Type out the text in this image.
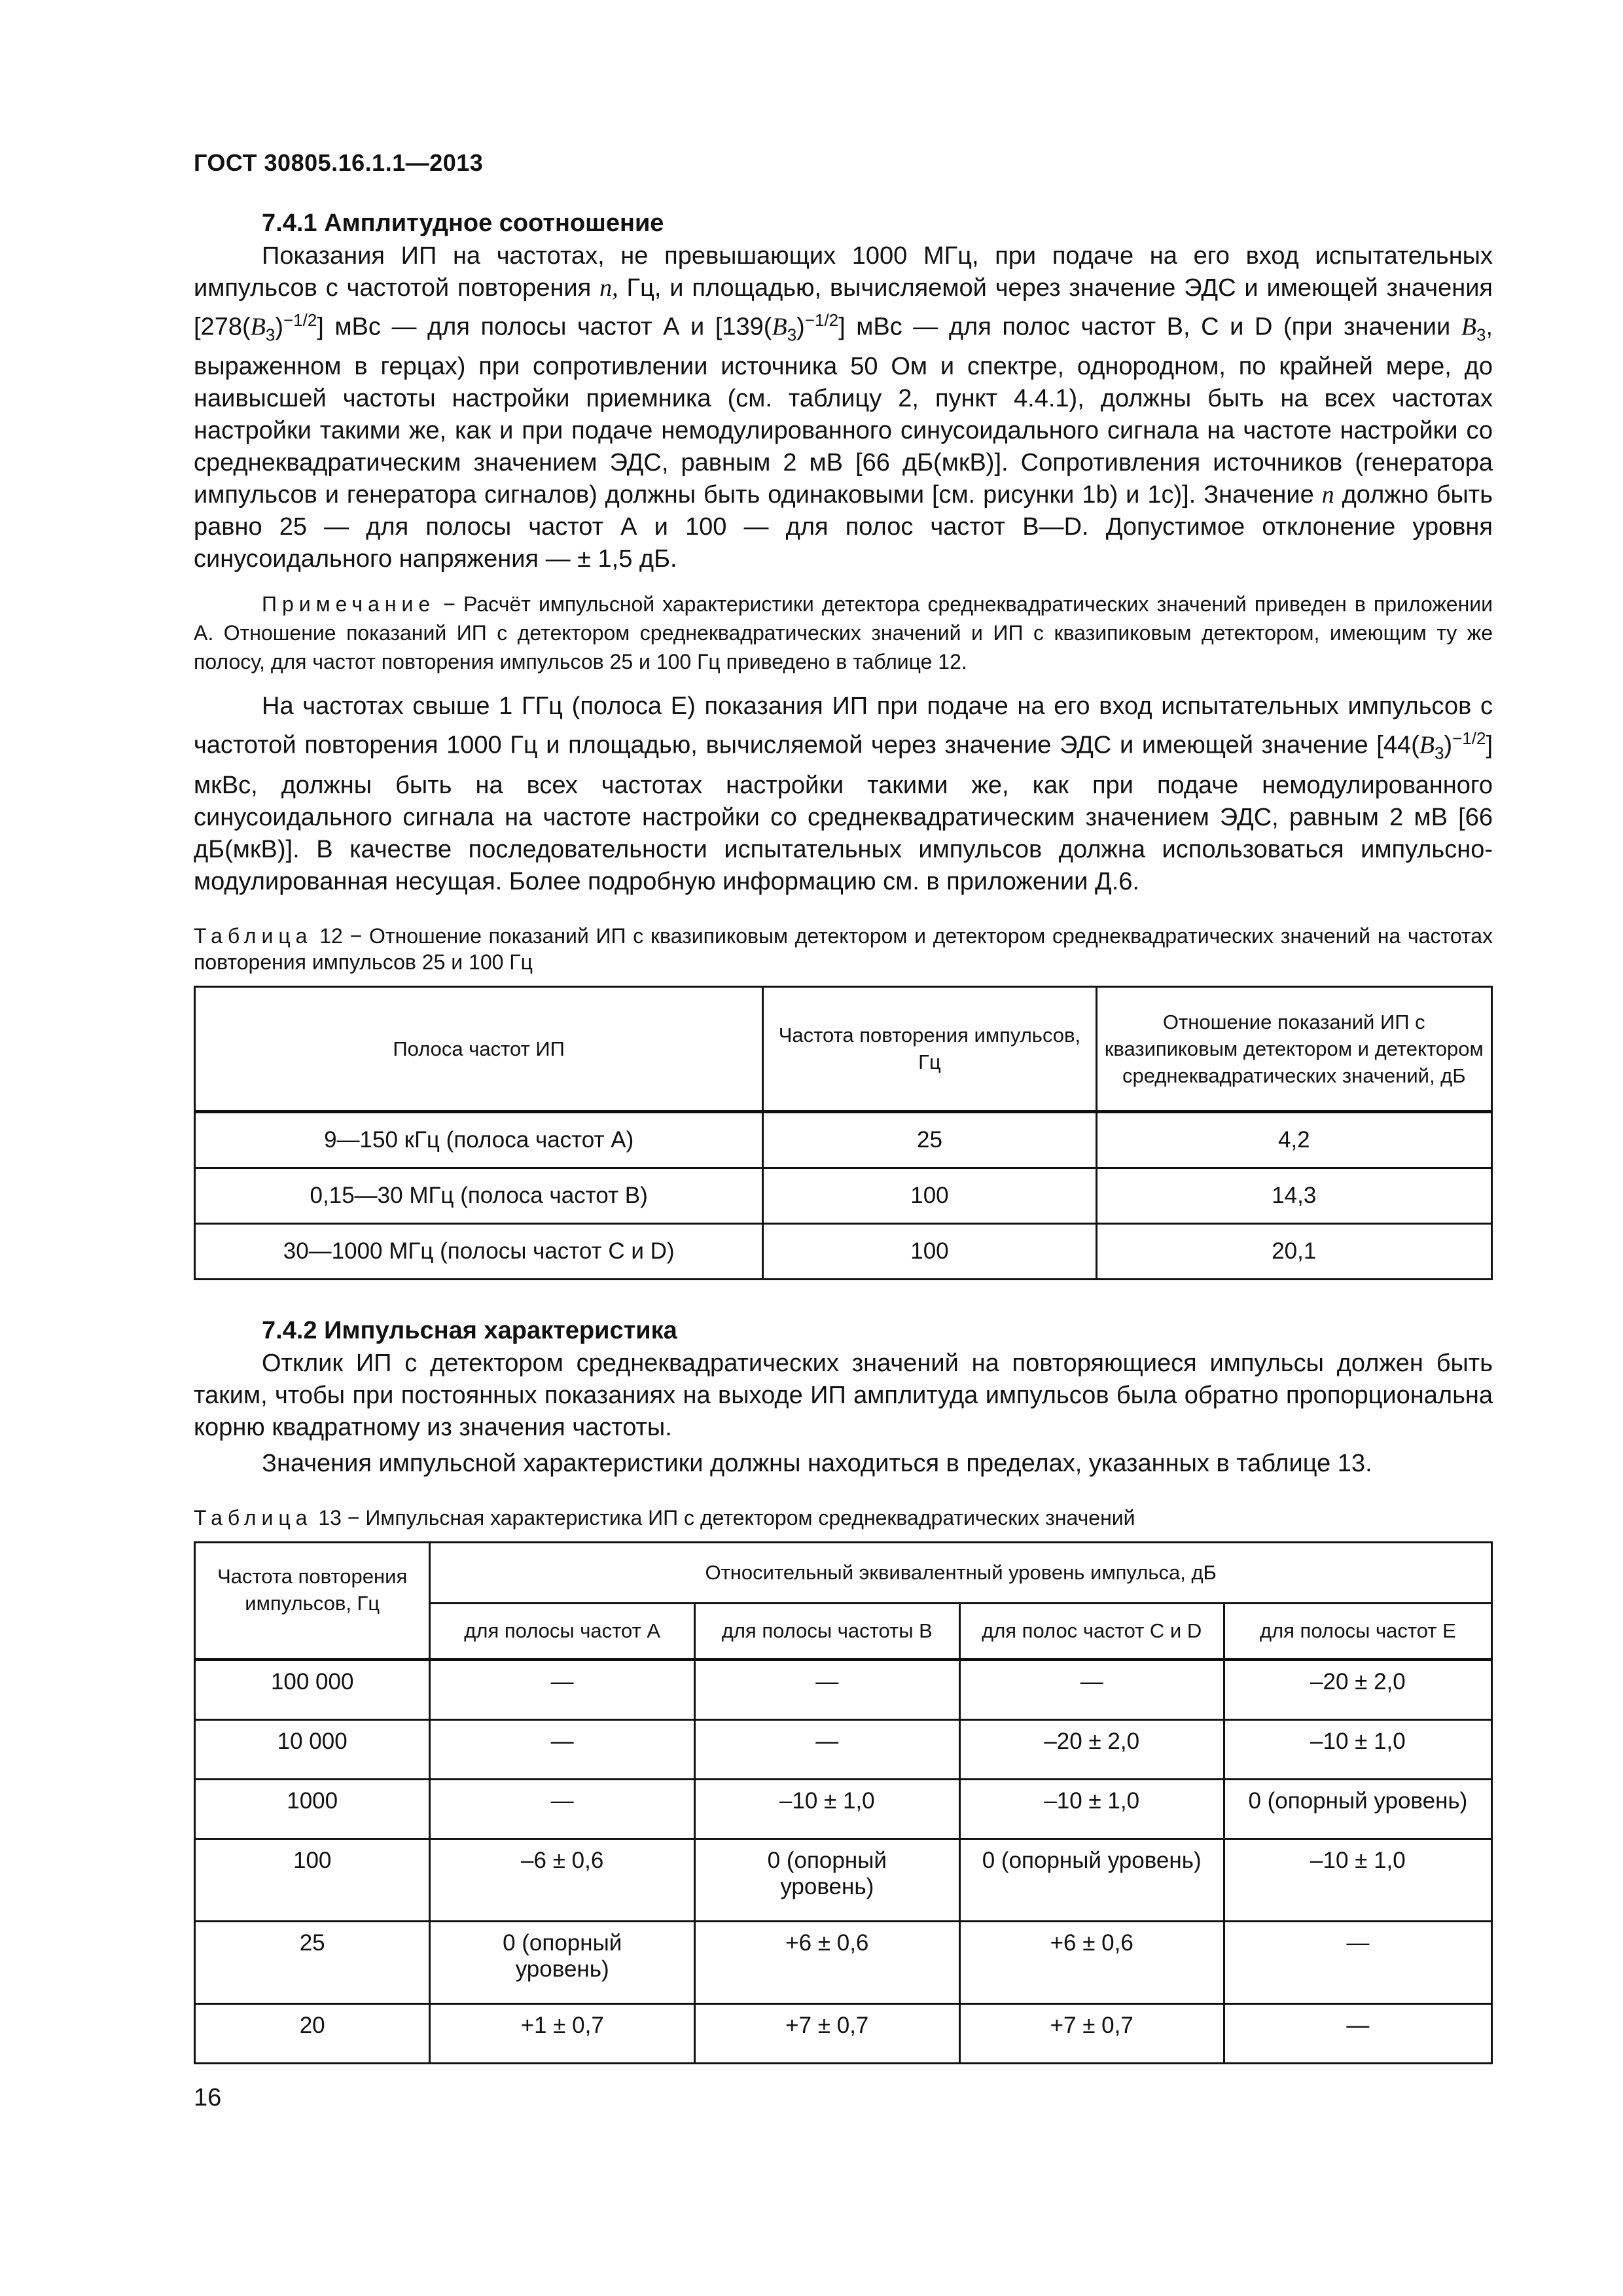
ГОСТ 30805.16.1.1—2013
7.4.1 Амплитудное соотношение

Показания ИП на частотах, не превышающих 1000 МГц, при подаче на его вход испытательных импульсов с частотой повторения n, Гц, и площадью, вычисляемой через значение ЭДС и имеющей значения $[278(B_3)^{-1/2}]$ мВс — для полосы частот А и $[139(B_3)^{-1/2}]$ мВс — для полос частот В, С и D (при значении $B_3$, выраженном в герцах) при сопротивлении источника 50 Ом и спектре, однородном, по крайней мере, до наивысшей частоты настройки приемника (см. таблицу 2, пункт 4.4.1), должны быть на всех частотах настройки такими же, как и при подаче немодулированного синусоидального сигнала на частоте настройки со среднеквадратическим значением ЭДС, равным 2 мВ [66 дБ(мкВ)]. Сопротивления источников (генератора импульсов и генератора сигналов) должны быть одинаковыми [см. рисунки 1b) и 1c)]. Значение n должно быть равно 25 — для полосы частот А и 100 — для полос частот В—D. Допустимое отклонение уровня синусоидального напряжения — ± 1,5 дБ.

Примечание − Расчёт импульсной характеристики детектора среднеквадратических значений приведен в приложении А. Отношение показаний ИП с детектором среднеквадратических значений и ИП с квазипиковым детектором, имеющим ту же полосу, для частот повторения импульсов 25 и 100 Гц приведено в таблице 12.

На частотах свыше 1 ГГц (полоса Е) показания ИП при подаче на его вход испытательных импульсов с частотой повторения 1000 Гц и площадью, вычисляемой через значение ЭДС и имеющей значение $[44(B_3)^{-1/2}]$ мкВс, должны быть на всех частотах настройки такими же, как при подаче немодулированного синусоидального сигнала на частоте настройки со среднеквадратическим значением ЭДС, равным 2 мВ [66 дБ(мкВ)]. В качестве последовательности испытательных импульсов должна использоваться импульсно-модулированная несущая. Более подробную информацию см. в приложении Д.6.

Таблица 12 − Отношение показаний ИП с квазипиковым детектором и детектором среднеквадратических значений на частотах повторения импульсов 25 и 100 Гц
Полоса частот ИП	Частота повторения импульсов, Гц	Отношение показаний ИП с квазипиковым детектором и детектором среднеквадратических значений, дБ
9—150 кГц (полоса частот А)	25	4,2
0,15—30 МГц (полоса частот В)	100	14,3
30—1000 МГц (полосы частот С и D)	100	20,1
7.4.2 Импульсная характеристика

Отклик ИП с детектором среднеквадратических значений на повторяющиеся импульсы должен быть таким, чтобы при постоянных показаниях на выходе ИП амплитуда импульсов была обратно пропорциональна корню квадратному из значения частоты.

Значения импульсной характеристики должны находиться в пределах, указанных в таблице 13.

Таблица 13 − Импульсная характеристика ИП с детектором среднеквадратических значений
Частота повторения импульсов, Гц	Относительный эквивалентный уровень импульса, дБ			
	для полосы частот А	для полосы частоты В	для полос частот С и D	для полосы частот Е
100 000	—	—	—	–20 ± 2,0
10 000	—	—	–20 ± 2,0	–10 ± 1,0
1000	—	–10 ± 1,0	–10 ± 1,0	0 (опорный уровень)
100	–6 ± 0,6	0 (опорный уровень)	0 (опорный уровень)	–10 ± 1,0
25	0 (опорный уровень)	+6 ± 0,6	+6 ± 0,6	—
20	+1 ± 0,7	+7 ± 0,7	+7 ± 0,7	—
16
